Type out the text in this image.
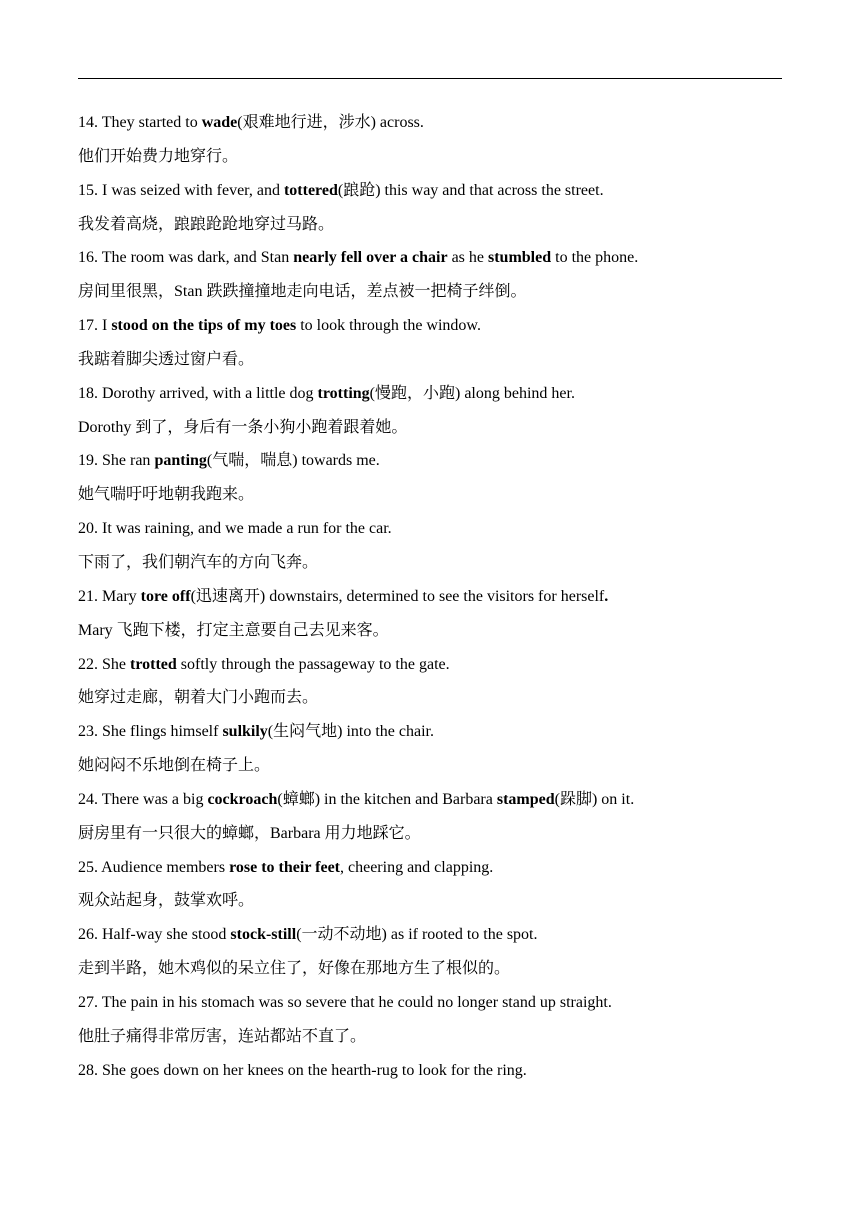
14. They started to wade(艰难地行进，涉水) across.
他们开始费力地穿行。
15. I was seized with fever, and tottered(踉跄) this way and that across the street.
我发着高烧，踉踉跄跄地穿过马路。
16. The room was dark, and Stan nearly fell over a chair as he stumbled to the phone.
房间里很黑，Stan 跌跌撞撞地走向电话，差点被一把椅子绊倒。
17. I stood on the tips of my toes to look through the window.
我踮着脚尖透过窗户看。
18. Dorothy arrived, with a little dog trotting(慢跑，小跑) along behind her.
Dorothy 到了，身后有一条小狗小跑着跟着她。
19. She ran panting(气喘，喘息) towards me.
她气喘吁吁地朝我跑来。
20. It was raining, and we made a run for the car.
下雨了，我们朝汽车的方向飞奔。
21. Mary tore off(迅速离开) downstairs, determined to see the visitors for herself.
Mary 飞跑下楼，打定主意要自己去见来客。
22. She trotted softly through the passageway to the gate.
她穿过走廊，朝着大门小跑而去。
23. She flings himself sulkily(生闷气地) into the chair.
她闷闷不乐地倒在椅子上。
24. There was a big cockroach(蟑螂) in the kitchen and Barbara stamped(跺脚) on it.
厨房里有一只很大的蟑螂，Barbara 用力地踩它。
25. Audience members rose to their feet, cheering and clapping.
观众站起身，鼓掌欢呼。
26. Half-way she stood stock-still(一动不动地) as if rooted to the spot.
走到半路，她木鸡似的呆立住了，好像在那地方生了根似的。
27. The pain in his stomach was so severe that he could no longer stand up straight.
他肚子痛得非常厉害，连站都站不直了。
28. She goes down on her knees on the hearth-rug to look for the ring.
